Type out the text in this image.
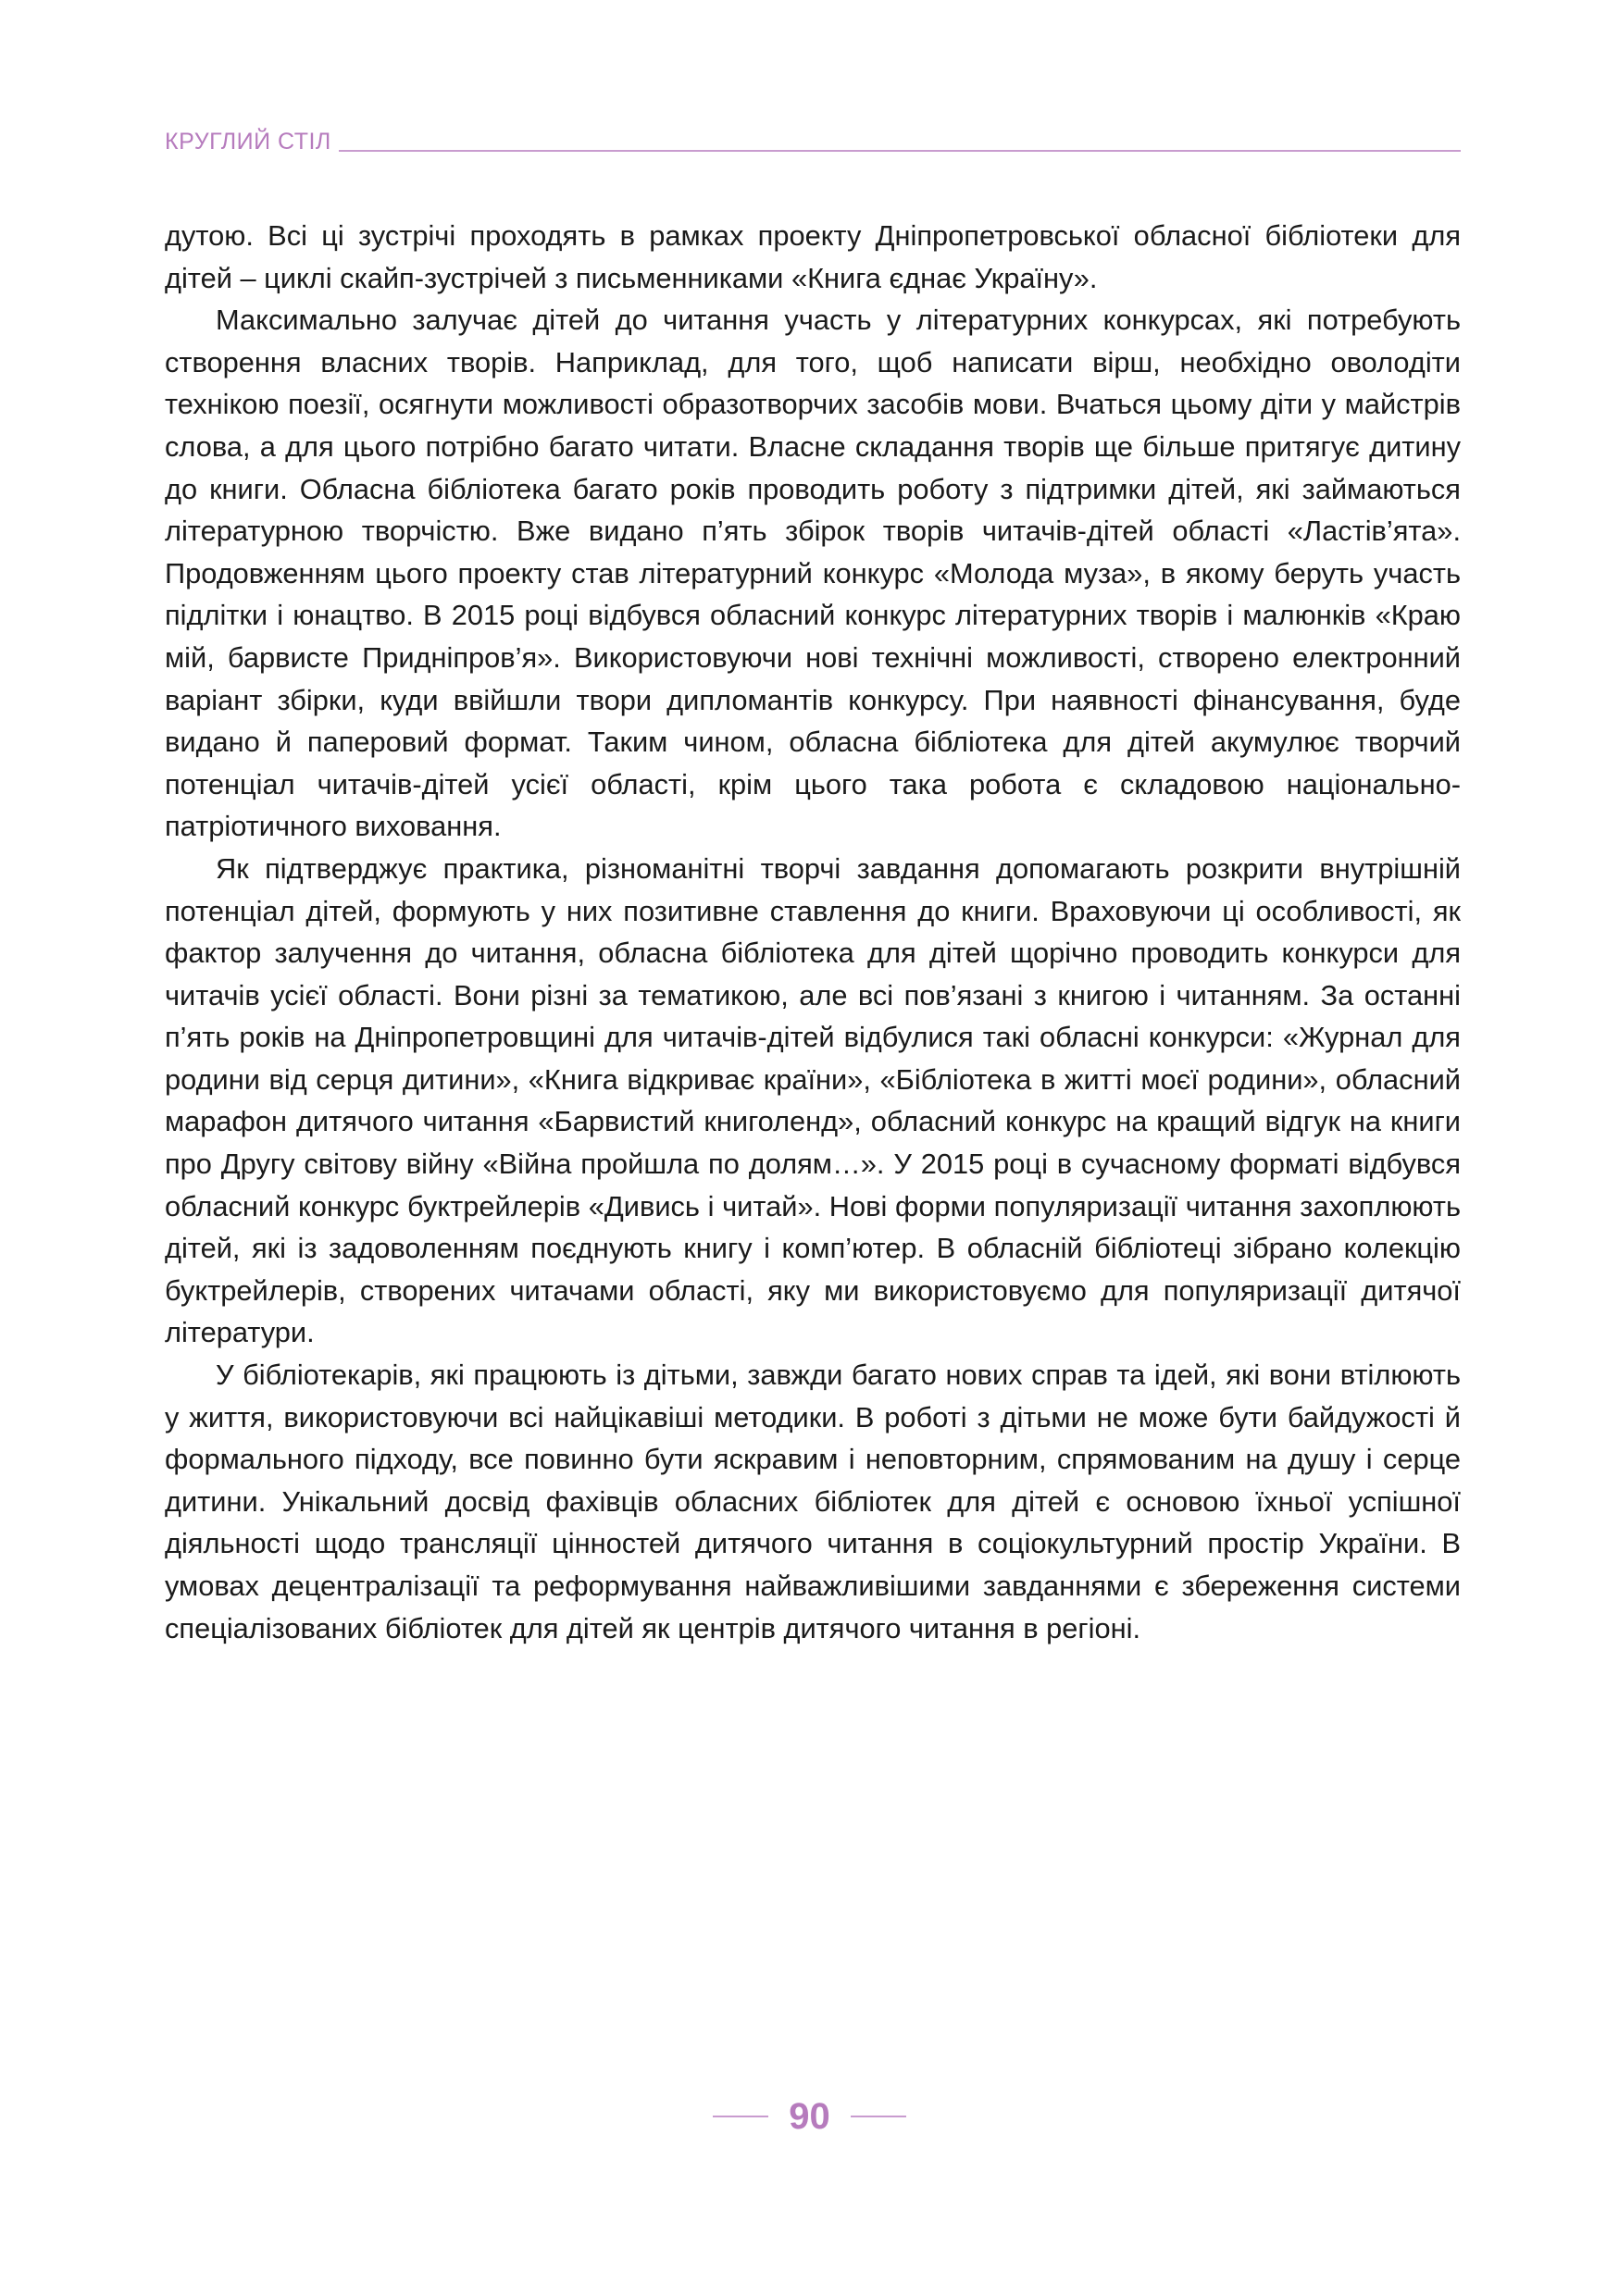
КРУГЛИЙ СТІЛ

дутою. Всі ці зустрічі проходять в рамках проекту Дніпропетровської обласної бібліотеки для дітей – циклі скайп-зустрічей з письменниками «Книга єднає Україну».

Максимально залучає дітей до читання участь у літературних конкурсах, які потребують створення власних творів. Наприклад, для того, щоб написати вірш, необхідно оволодіти технікою поезії, осягнути можливості образотворчих засобів мови. Вчаться цьому діти у майстрів слова, а для цього потрібно багато читати. Власне складання творів ще більше притягує дитину до книги. Обласна бібліотека багато років проводить роботу з підтримки дітей, які займаються літературною творчістю. Вже видано п’ять збірок творів читачів-дітей області «Ластів’ята». Продовженням цього проекту став літературний конкурс «Молода муза», в якому беруть участь підлітки і юнацтво. В 2015 році відбувся обласний конкурс літературних творів і малюнків «Краю мій, барвисте Придніпров’я». Використовуючи нові технічні можливості, створено електронний варіант збірки, куди ввійшли твори дипломантів конкурсу. При наявності фінансування, буде видано й паперовий формат. Таким чином, обласна бібліотека для дітей акумулює творчий потенціал читачів-дітей усієї області, крім цього така робота є складовою національно-патріотичного виховання.

Як підтверджує практика, різноманітні творчі завдання допомагають розкрити внутрішній потенціал дітей, формують у них позитивне ставлення до книги. Враховуючи ці особливості, як фактор залучення до читання, обласна бібліотека для дітей щорічно проводить конкурси для читачів усієї області. Вони різні за тематикою, але всі пов’язані з книгою і читанням. За останні п’ять років на Дніпропетровщині для читачів-дітей відбулися такі обласні конкурси: «Журнал для родини від серця дитини», «Книга відкриває країни», «Бібліотека в житті моєї родини», обласний марафон дитячого читання «Барвистий книголенд», обласний конкурс на кращий відгук на книги про Другу світову війну «Війна пройшла по долям…». У 2015 році в сучасному форматі відбувся обласний конкурс буктрейлерів «Дивись і читай». Нові форми популяризації читання захоплюють дітей, які із задоволенням поєднують книгу і комп’ютер. В обласній бібліотеці зібрано колекцію буктрейлерів, створених читачами області, яку ми використовуємо для популяризації дитячої літератури.

У бібліотекарів, які працюють із дітьми, завжди багато нових справ та ідей, які вони втілюють у життя, використовуючи всі найцікавіші методики. В роботі з дітьми не може бути байдужості й формального підходу, все повинно бути яскравим і неповторним, спрямованим на душу і серце дитини. Унікальний досвід фахівців обласних бібліотек для дітей є основою їхньої успішної діяльності щодо трансляції цінностей дитячого читання в соціокультурний простір України. В умовах децентралізації та реформування найважливішими завданнями є збереження системи спеціалізованих бібліотек для дітей як центрів дитячого читання в регіоні.

90
